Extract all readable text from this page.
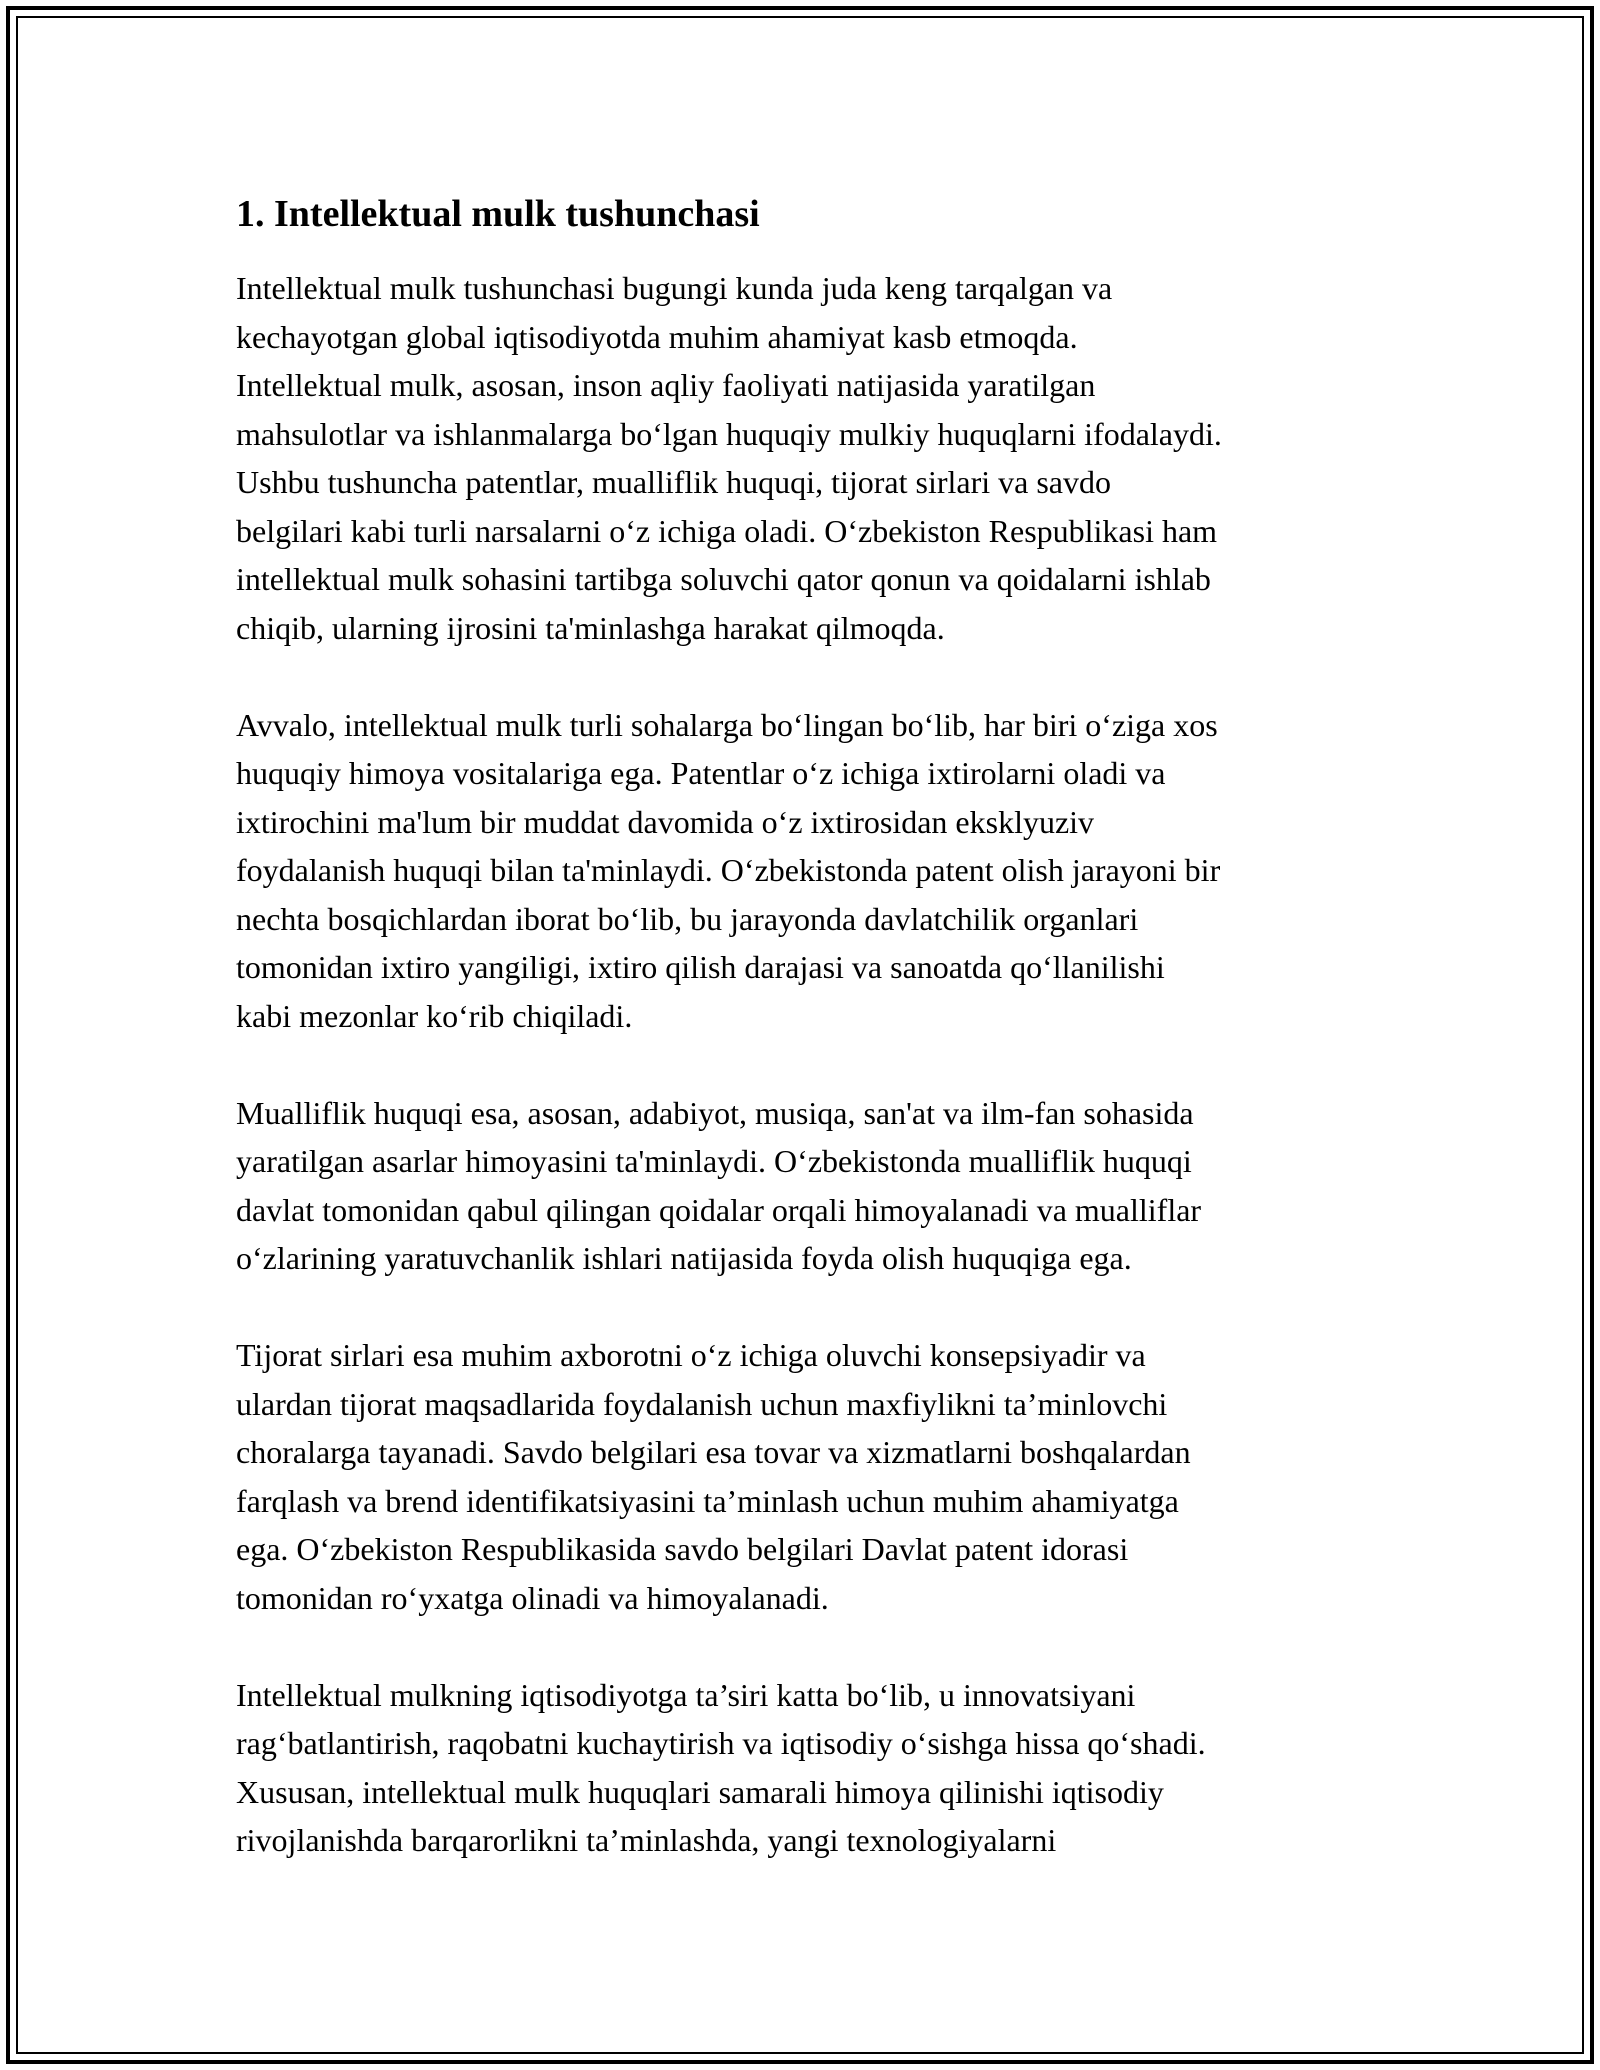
1. Intellektual mulk tushunchasi

Intellektual mulk tushunchasi bugungi kunda juda keng tarqalgan va
kechayotgan global iqtisodiyotda muhim ahamiyat kasb etmoqda.
Intellektual mulk, asosan, inson aqliy faoliyati natijasida yaratilgan
mahsulotlar va ishlanmalarga bo‘lgan huquqiy mulkiy huquqlarni ifodalaydi.
Ushbu tushuncha patentlar, mualliflik huquqi, tijorat sirlari va savdo
belgilari kabi turli narsalarni o‘z ichiga oladi. O‘zbekiston Respublikasi ham
intellektual mulk sohasini tartibga soluvchi qator qonun va qoidalarni ishlab
chiqib, ularning ijrosini ta'minlashga harakat qilmoqda.

Avvalo, intellektual mulk turli sohalarga bo‘lingan bo‘lib, har biri o‘ziga xos
huquqiy himoya vositalariga ega. Patentlar o‘z ichiga ixtirolarni oladi va
ixtirochini ma'lum bir muddat davomida o‘z ixtirosidan eksklyuziv
foydalanish huquqi bilan ta'minlaydi. O‘zbekistonda patent olish jarayoni bir
nechta bosqichlardan iborat bo‘lib, bu jarayonda davlatchilik organlari
tomonidan ixtiro yangiligi, ixtiro qilish darajasi va sanoatda qo‘llanilishi
kabi mezonlar ko‘rib chiqiladi.

Mualliflik huquqi esa, asosan, adabiyot, musiqa, san'at va ilm-fan sohasida
yaratilgan asarlar himoyasini ta'minlaydi. O‘zbekistonda mualliflik huquqi
davlat tomonidan qabul qilingan qoidalar orqali himoyalanadi va mualliflar
o‘zlarining yaratuvchanlik ishlari natijasida foyda olish huquqiga ega.

Tijorat sirlari esa muhim axborotni o‘z ichiga oluvchi konsepsiyadir va
ulardan tijorat maqsadlarida foydalanish uchun maxfiylikni ta’minlovchi
choralarga tayanadi. Savdo belgilari esa tovar va xizmatlarni boshqalardan
farqlash va brend identifikatsiyasini ta’minlash uchun muhim ahamiyatga
ega. O‘zbekiston Respublikasida savdo belgilari Davlat patent idorasi
tomonidan ro‘yxatga olinadi va himoyalanadi.

Intellektual mulkning iqtisodiyotga ta’siri katta bo‘lib, u innovatsiyani
rag‘batlantirish, raqobatni kuchaytirish va iqtisodiy o‘sishga hissa qo‘shadi.
Xususan, intellektual mulk huquqlari samarali himoya qilinishi iqtisodiy
rivojlanishda barqarorlikni ta’minlashda, yangi texnologiyalarni
